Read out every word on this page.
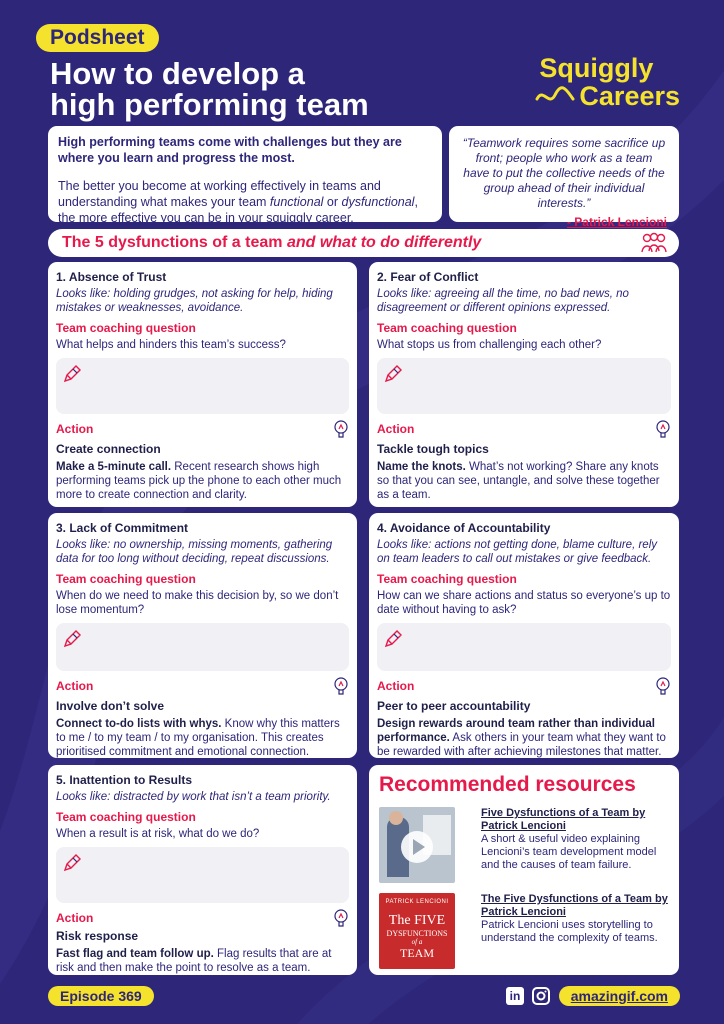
Podsheet
How to develop a
high performing team
Squiggly
Careers
High performing teams come with challenges but they are where you learn and progress the most.
The better you become at working effectively in teams and understanding what makes your team functional or dysfunctional, the more effective you can be in your squiggly career.
“Teamwork requires some sacrifice up front; people who work as a team have to put the collective needs of the group ahead of their individual interests.”
- Patrick Lencioni
The 5 dysfunctions of a team and what to do differently
1. Absence of Trust
Looks like: holding grudges, not asking for help, hiding mistakes or weaknesses, avoidance.
Team coaching question
What helps and hinders this team’s success?
Action
Create connection
Make a 5-minute call. Recent research shows high performing teams pick up the phone to each other much more to create connection and clarity.
2. Fear of Conflict
Looks like: agreeing all the time, no bad news, no disagreement or different opinions expressed.
Team coaching question
What stops us from challenging each other?
Action
Tackle tough topics
Name the knots. What’s not working? Share any knots so that you can see, untangle, and solve these together as a team.
3. Lack of Commitment
Looks like: no ownership, missing moments, gathering data for too long without deciding, repeat discussions.
Team coaching question
When do we need to make this decision by, so we don’t lose momentum?
Action
Involve don’t solve
Connect to-do lists with whys. Know why this matters to me / to my team / to my organisation. This creates prioritised commitment and emotional connection.
4. Avoidance of Accountability
Looks like: actions not getting done, blame culture, rely on team leaders to call out mistakes or give feedback.
Team coaching question
How can we share actions and status so everyone’s up to date without having to ask?
Action
Peer to peer accountability
Design rewards around team rather than individual performance. Ask others in your team what they want to be rewarded with after achieving milestones that matter.
5. Inattention to Results
Looks like: distracted by work that isn’t a team priority.
Team coaching question
When a result is at risk, what do we do?
Action
Risk response
Fast flag and team follow up. Flag results that are at risk and then make the point to resolve as a team.
Recommended resources
Five Dysfunctions of a Team by Patrick Lencioni
A short & useful video explaining Lencioni’s team development model and the causes of team failure.
PATRICK LENCIONI
The FIVE
DYSFUNCTIONS
of a
TEAM
The Five Dysfunctions of a Team by Patrick Lencioni
Patrick Lencioni uses storytelling to understand the complexity of teams.
Episode 369	in	amazingif.com
